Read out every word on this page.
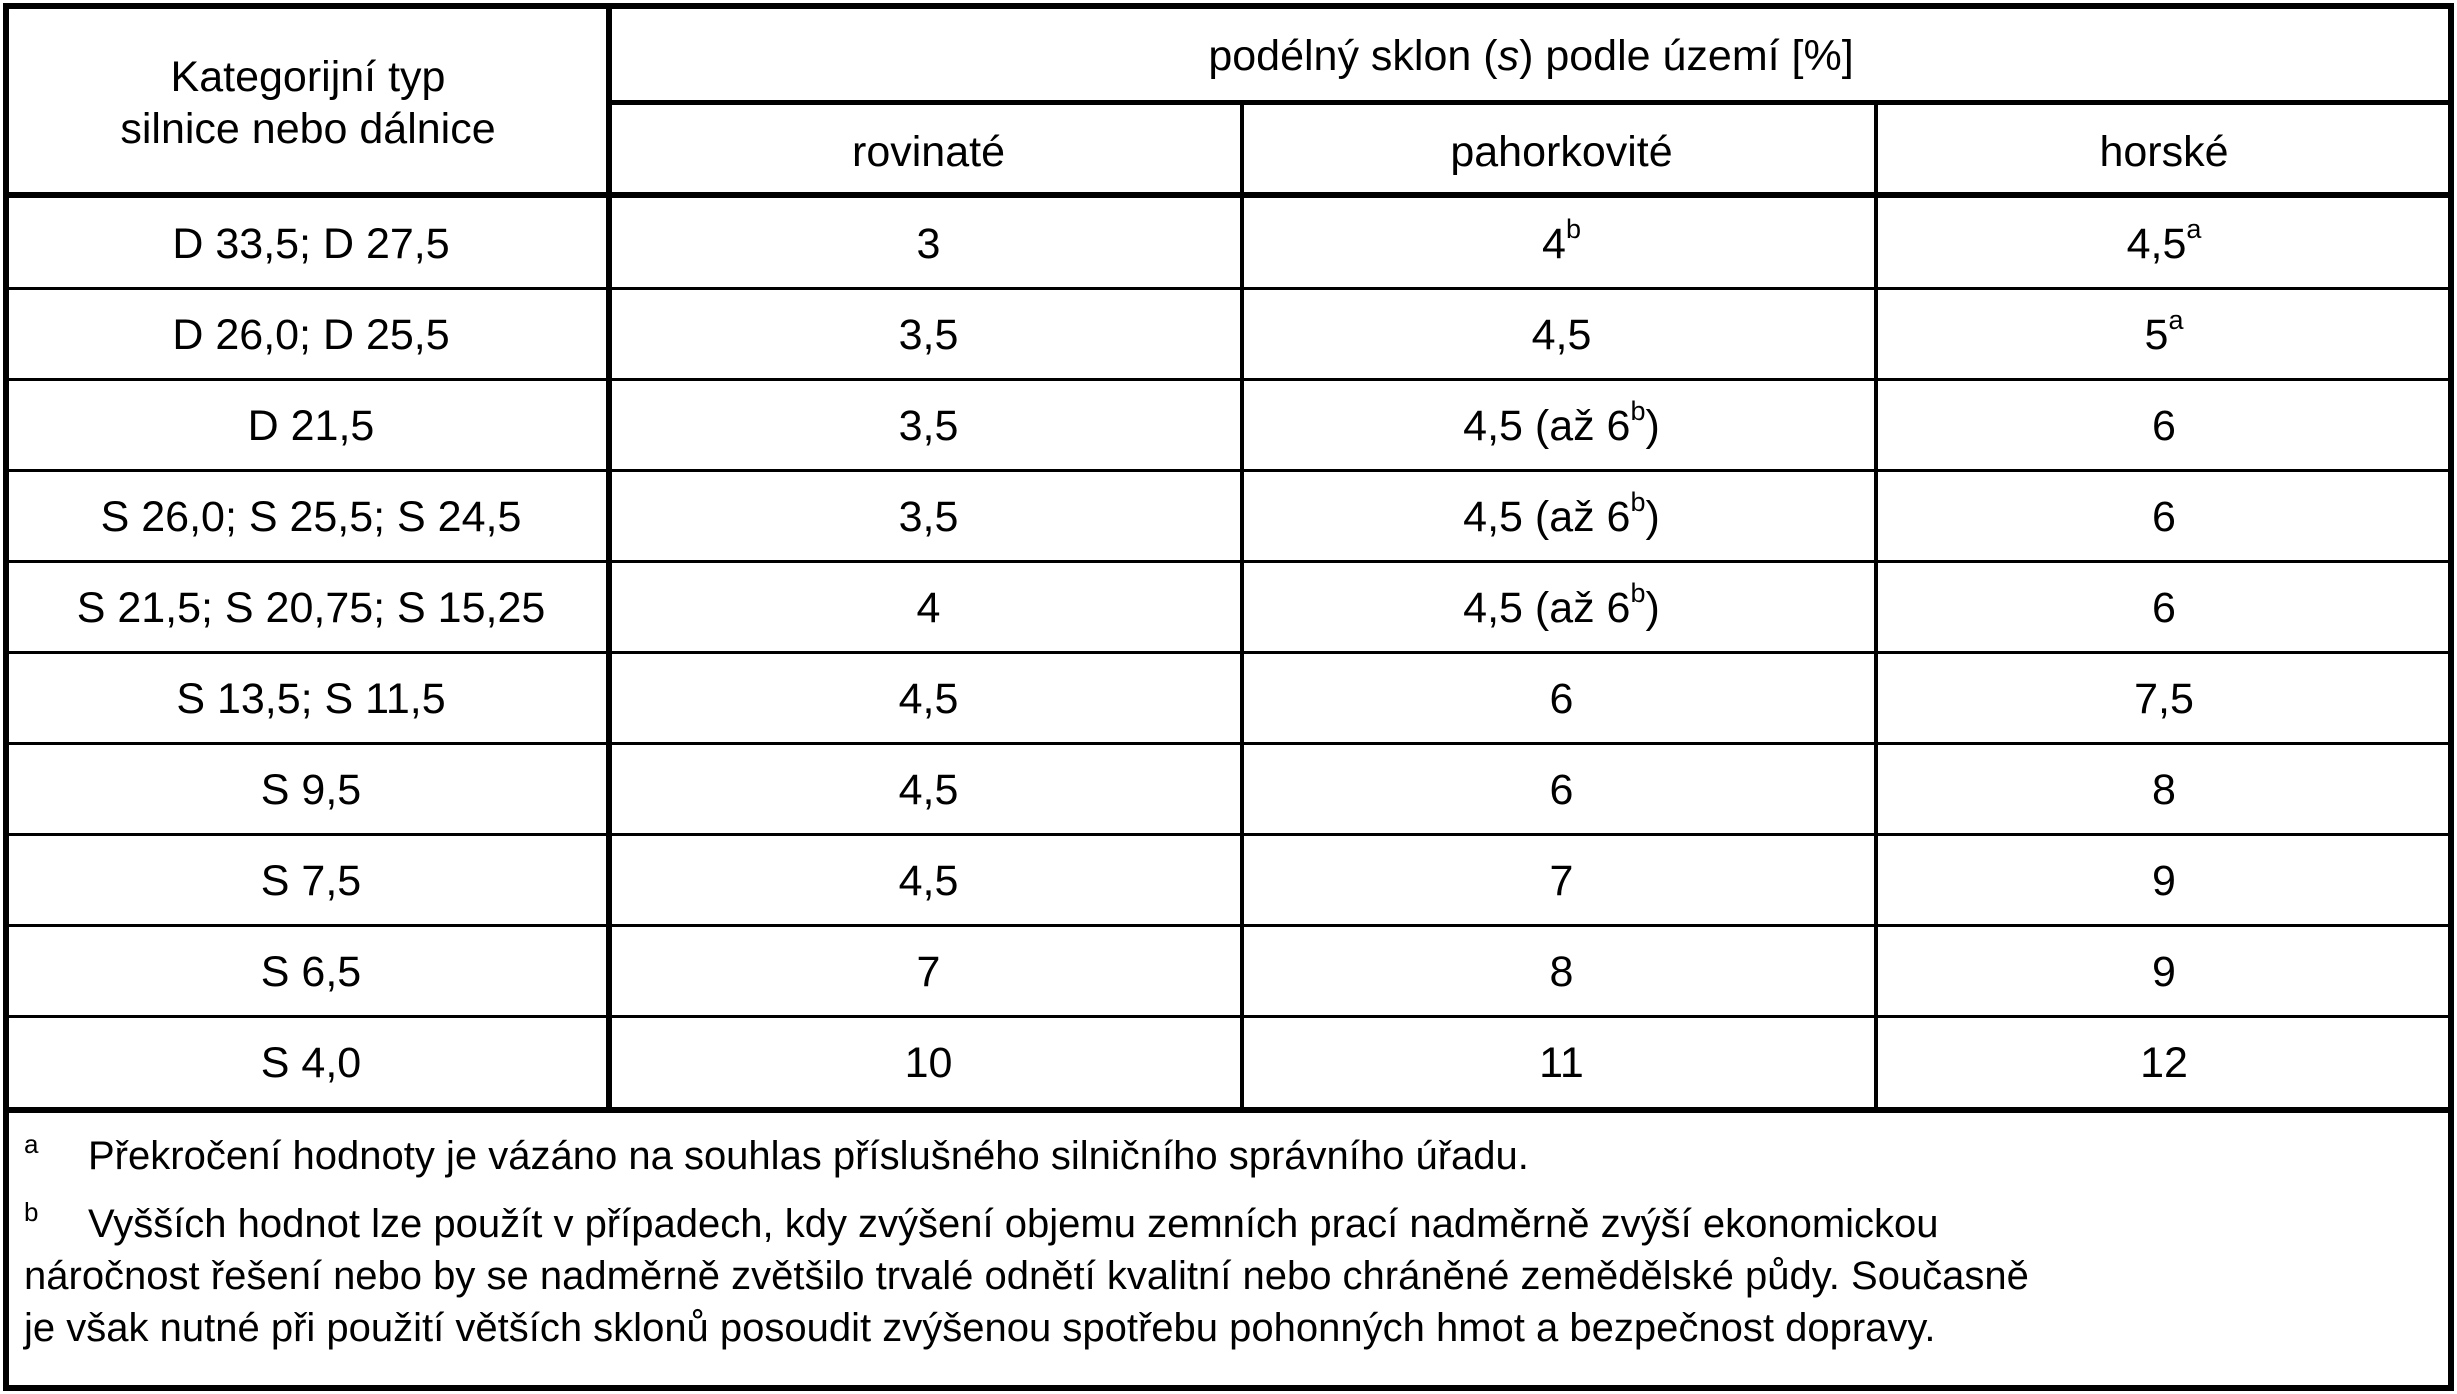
Kategorijní typ silnice nebo dálnice
podélný sklon (s) podle území [%]
rovinaté	pahorkovité	horské
D 33,5; D 27,5	3	4$^b$	4,5$^a$
D 26,0; D 25,5	3,5	4,5	5$^a$
D 21,5	3,5	4,5 (až 6$^b$)	6
S 26,0; S 25,5; S 24,5	3,5	4,5 (až 6$^b$)	6
S 21,5; S 20,75; S 15,25	4	4,5 (až 6$^b$)	6
S 13,5; S 11,5	4,5	6	7,5
S 9,5	4,5	6	8
S 7,5	4,5	7	9
S 6,5	7	8	9
S 4,0	10	11	12
$^a$ Překročení hodnoty je vázáno na souhlas příslušného silničního správního úřadu.
$^b$ Vyšších hodnot lze použít v případech, kdy zvýšení objemu zemních prací nadměrně zvýší ekonomickou
náročnost řešení nebo by se nadměrně zvětšilo trvalé odnětí kvalitní nebo chráněné zemědělské půdy. Současně
je však nutné při použití větších sklonů posoudit zvýšenou spotřebu pohonných hmot a bezpečnost dopravy.
